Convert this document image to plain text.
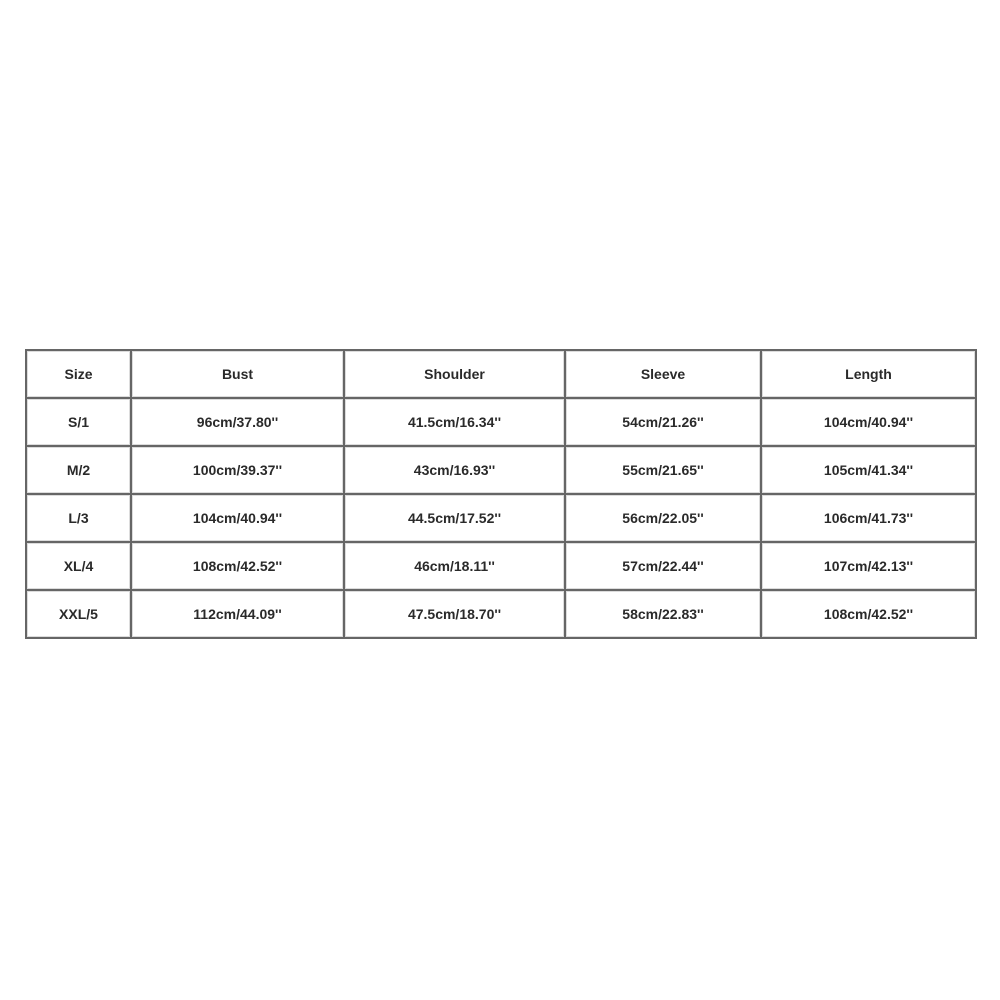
Size	Bust	Shoulder	Sleeve	Length
S/1	96cm/37.80''	41.5cm/16.34''	54cm/21.26''	104cm/40.94''
M/2	100cm/39.37''	43cm/16.93''	55cm/21.65''	105cm/41.34''
L/3	104cm/40.94''	44.5cm/17.52''	56cm/22.05''	106cm/41.73''
XL/4	108cm/42.52''	46cm/18.11''	57cm/22.44''	107cm/42.13''
XXL/5	112cm/44.09''	47.5cm/18.70''	58cm/22.83''	108cm/42.52''
